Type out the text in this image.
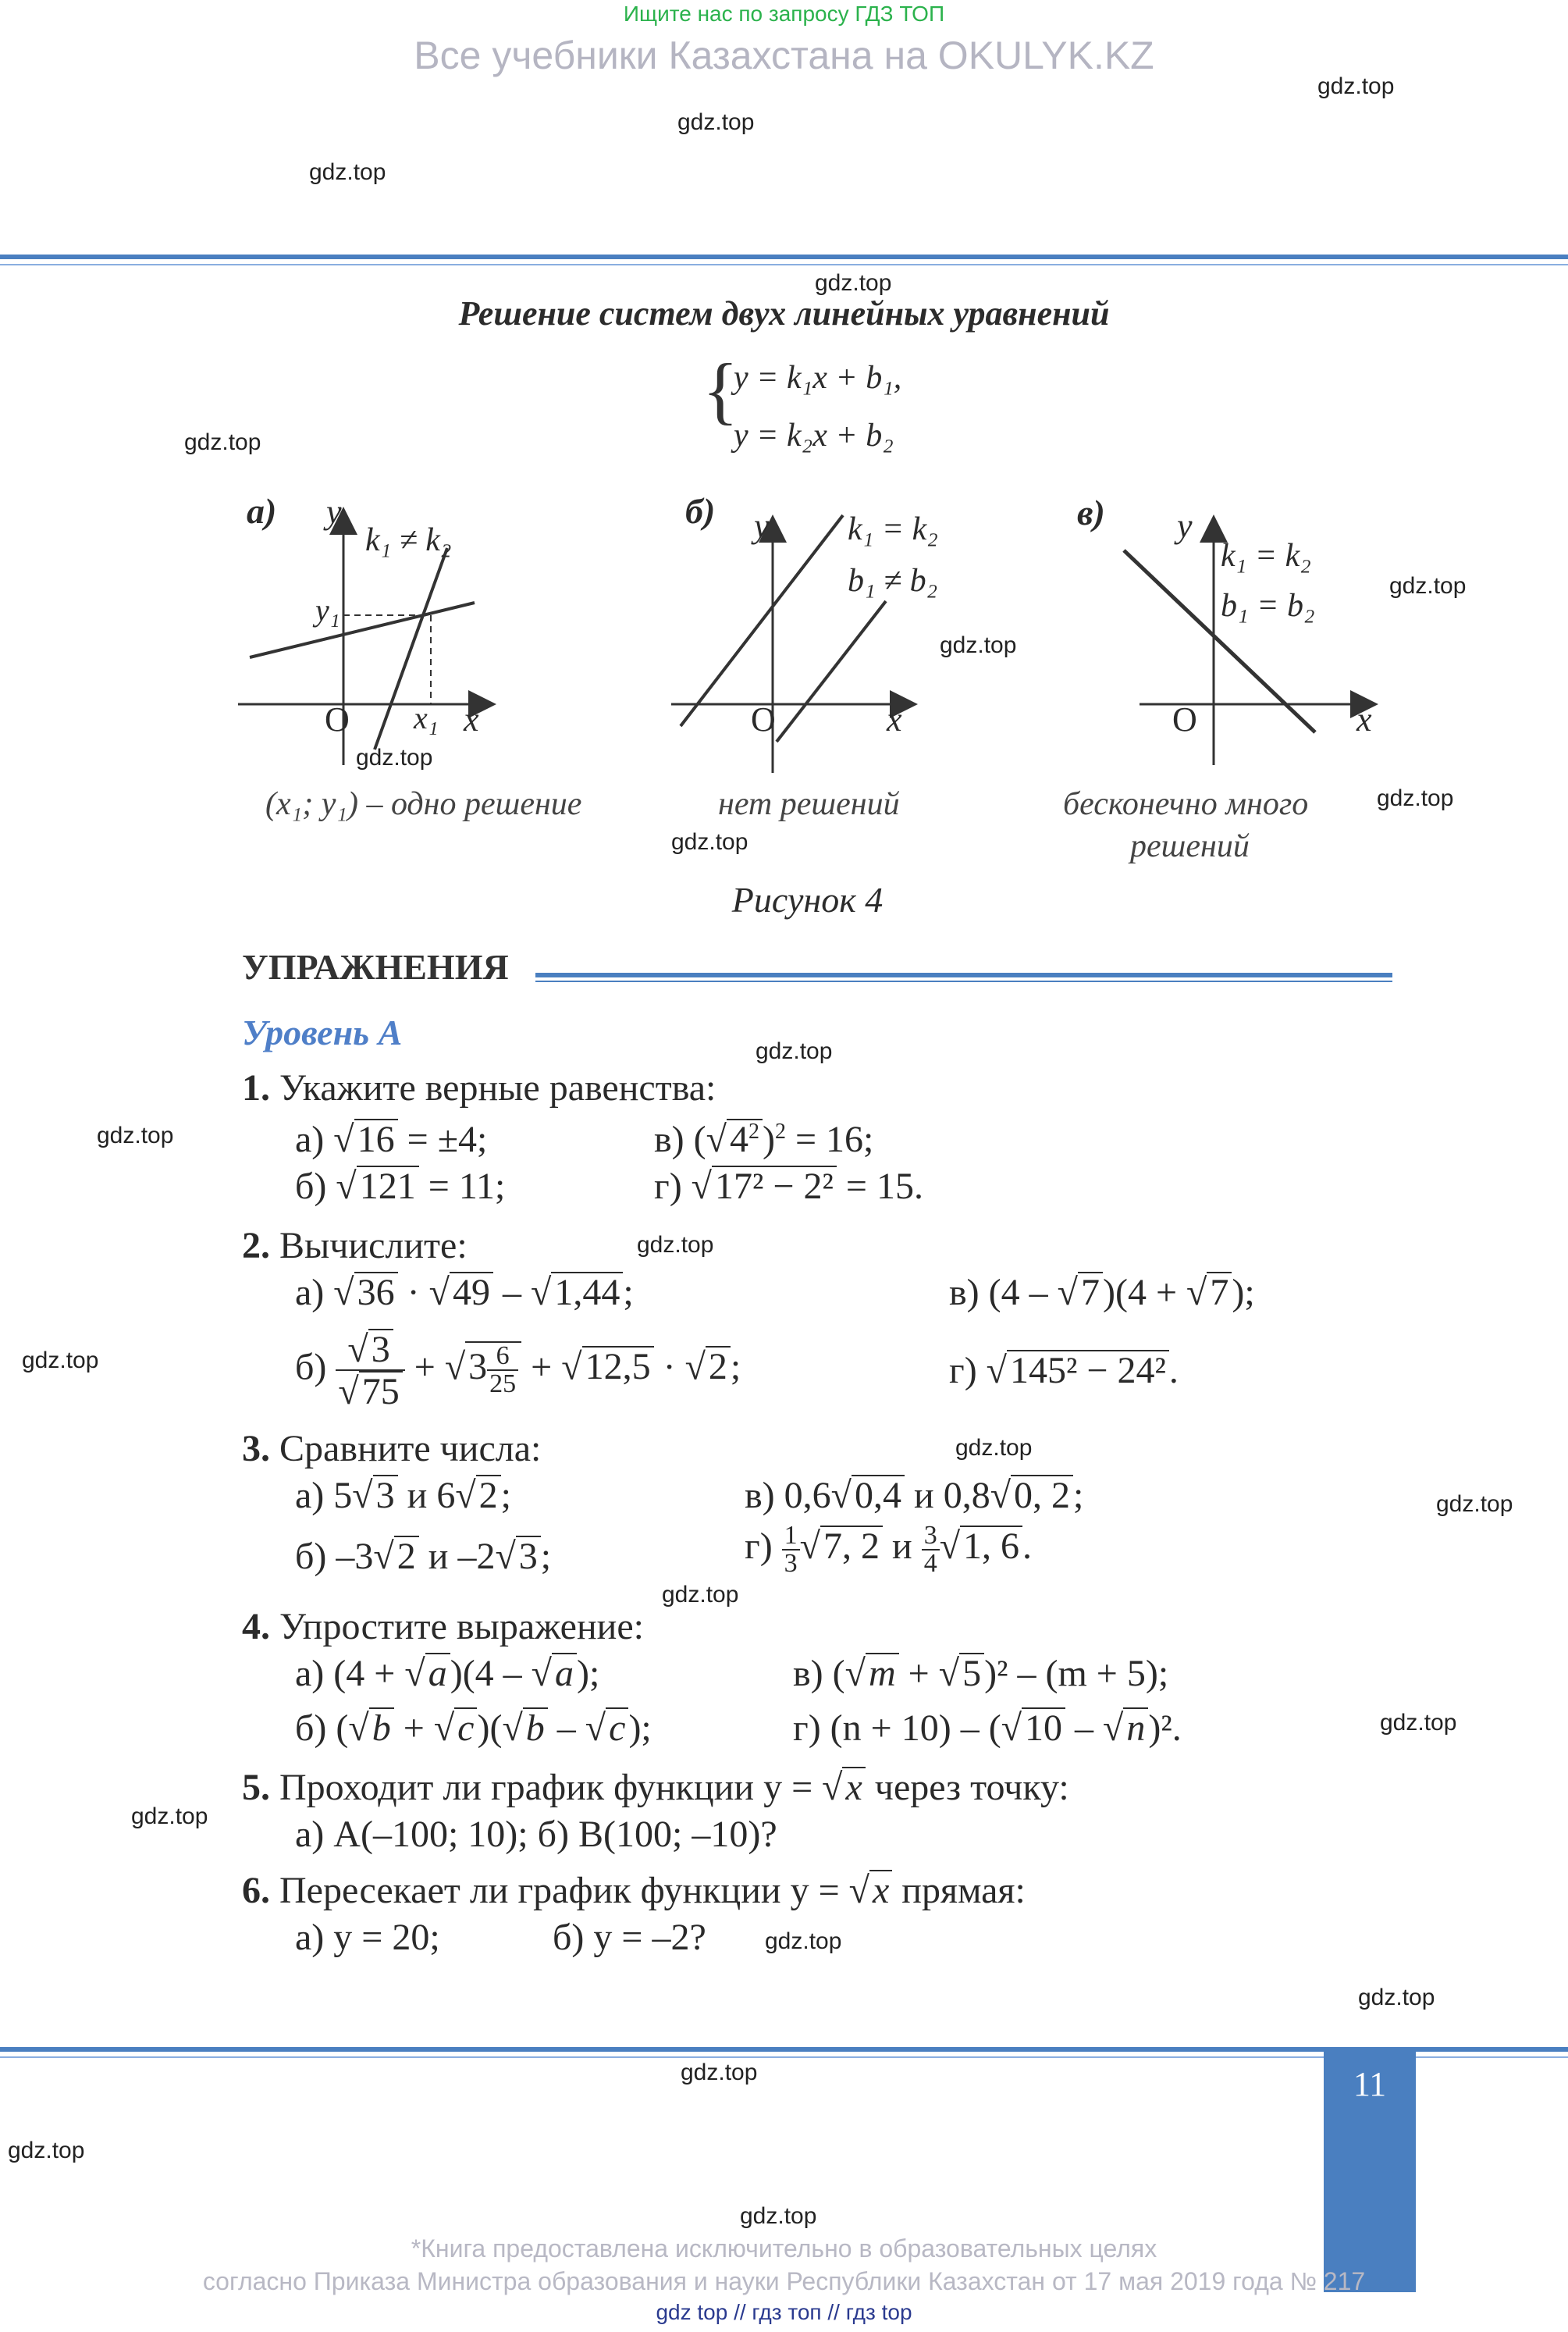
Ищите нас по запросу ГДЗ ТОП
Все учебники Казахстана на OKULYK.KZ
Решение систем двух линейных уравнений
{
y = k₁x + b₁,
y = k₂x + b₂
а) y
k₁ ≠ k₂
y₁
O x₁ x
(x₁; y₁) – одно решение
б) y k₁ = k₂
b₁ ≠ b₂
O	x
нет решений
в) y
k₁ = k₂
b₁ = b₂
O	x
бесконечно много
решений
Рисунок 4
УПРАЖНЕНИЯ
Уровень А
1. Укажите верные равенства:
а) √16 = ±4;	в) $(√4^2)^2 = 16$;
б) √121 = 11;	г) √17² − 2² = 15.
2. Вычислите:
а) √36 · √49 – √1,44;	в) (4 – √7)(4 + √7);
$б) \frac{√3}{√75} + √3 \frac{6}{25} + √12,5 \cdot √2$;	г) √145² − 24².
3. Сравните числа:
а) 5√3 и 6√2;	в) 0,6√0,4 и 0,8√0, 2;
б) –3√2 и –2√3;	$г) \frac{1}{3} √7$, 2 и $\frac{3}{4} √1$, 6.
4. Упростите выражение:
а) (4 + √a)(4 – √a);	в) (√m + √5)² – (m + 5);
б) (√b + √c)(√b – √c);	г) (n + 10) – (√10 – √n)².
5. Проходит ли график функции y = √x через точку:
а) A(–100; 10); б) B(100; –10)?
6. Пересекает ли график функции y = √x прямая:
а) y = 20;	б) y = –2?
11
*Книга предоставлена исключительно в образовательных целях
согласно Приказа Министра образования и науки Республики Казахстан от 17 мая 2019 года № 217
gdz top // гдз топ // гдз top
gdz.top
gdz.top
gdz.top
gdz.top
gdz.top
gdz.top
gdz.top
gdz.top
gdz.top
gdz.top
gdz.top
gdz.top
gdz.top
gdz.top
gdz.top
gdz.top
gdz.top
gdz.top
gdz.top
gdz.top
gdz.top
gdz.top
gdz.top
gdz.top
